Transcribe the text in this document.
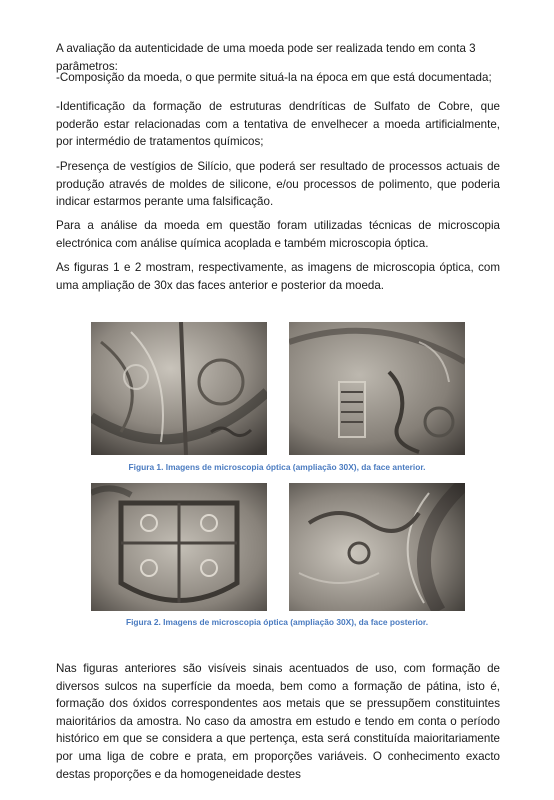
A avaliação da autenticidade de uma moeda pode ser realizada tendo em conta 3 parâmetros:

-Composição da moeda, o que permite situá-la na época em que está documentada;

-Identificação da formação de estruturas dendríticas de Sulfato de Cobre, que poderão estar relacionadas com a tentativa de envelhecer a moeda artificialmente, por intermédio de tratamentos químicos;

-Presença de vestígios de Silício, que poderá ser resultado de processos actuais de produção através de moldes de silicone, e/ou processos de polimento, que poderia indicar estarmos perante uma falsificação.

Para a análise da moeda em questão foram utilizadas técnicas de microscopia electrónica com análise química acoplada e também microscopia óptica.

As figuras 1 e 2 mostram, respectivamente, as imagens de microscopia óptica, com uma ampliação de 30x das faces anterior e posterior da moeda.

Figura 1. Imagens de microscopia óptica (ampliação 30X), da face anterior.
Figura 2. Imagens de microscopia óptica (ampliação 30X), da face posterior.

Nas figuras anteriores são visíveis sinais acentuados de uso, com formação de diversos sulcos na superfície da moeda, bem como a formação de pátina, isto é, formação dos óxidos correspondentes aos metais que se pressupõem constituintes maioritários da amostra. No caso da amostra em estudo e tendo em conta o período histórico em que se considera a que pertença, esta será constituída maioritariamente por uma liga de cobre e prata, em proporções variáveis. O conhecimento exacto destas proporções e da homogeneidade destes
